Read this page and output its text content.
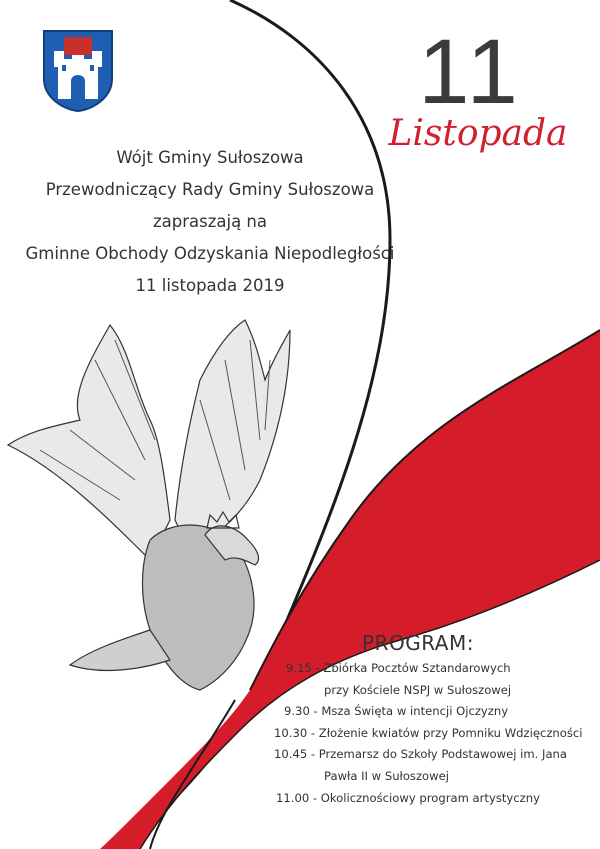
11
Listopada
Wójt Gminy Sułoszowa
Przewodniczący Rady Gminy Sułoszowa
zapraszają na
Gminne Obchody Odzyskania Niepodległości
11 listopada 2019
PROGRAM:
9.15 - Zbiórka Pocztów Sztandarowych
przy Kościele NSPJ w Sułoszowej
9.30 - Msza Święta w intencji Ojczyzny
10.30 - Złożenie kwiatów przy Pomniku Wdzięczności
10.45 - Przemarsz do Szkoły Podstawowej im. Jana
Pawła II w Sułoszowej
11.00 - Okolicznościowy program artystyczny
